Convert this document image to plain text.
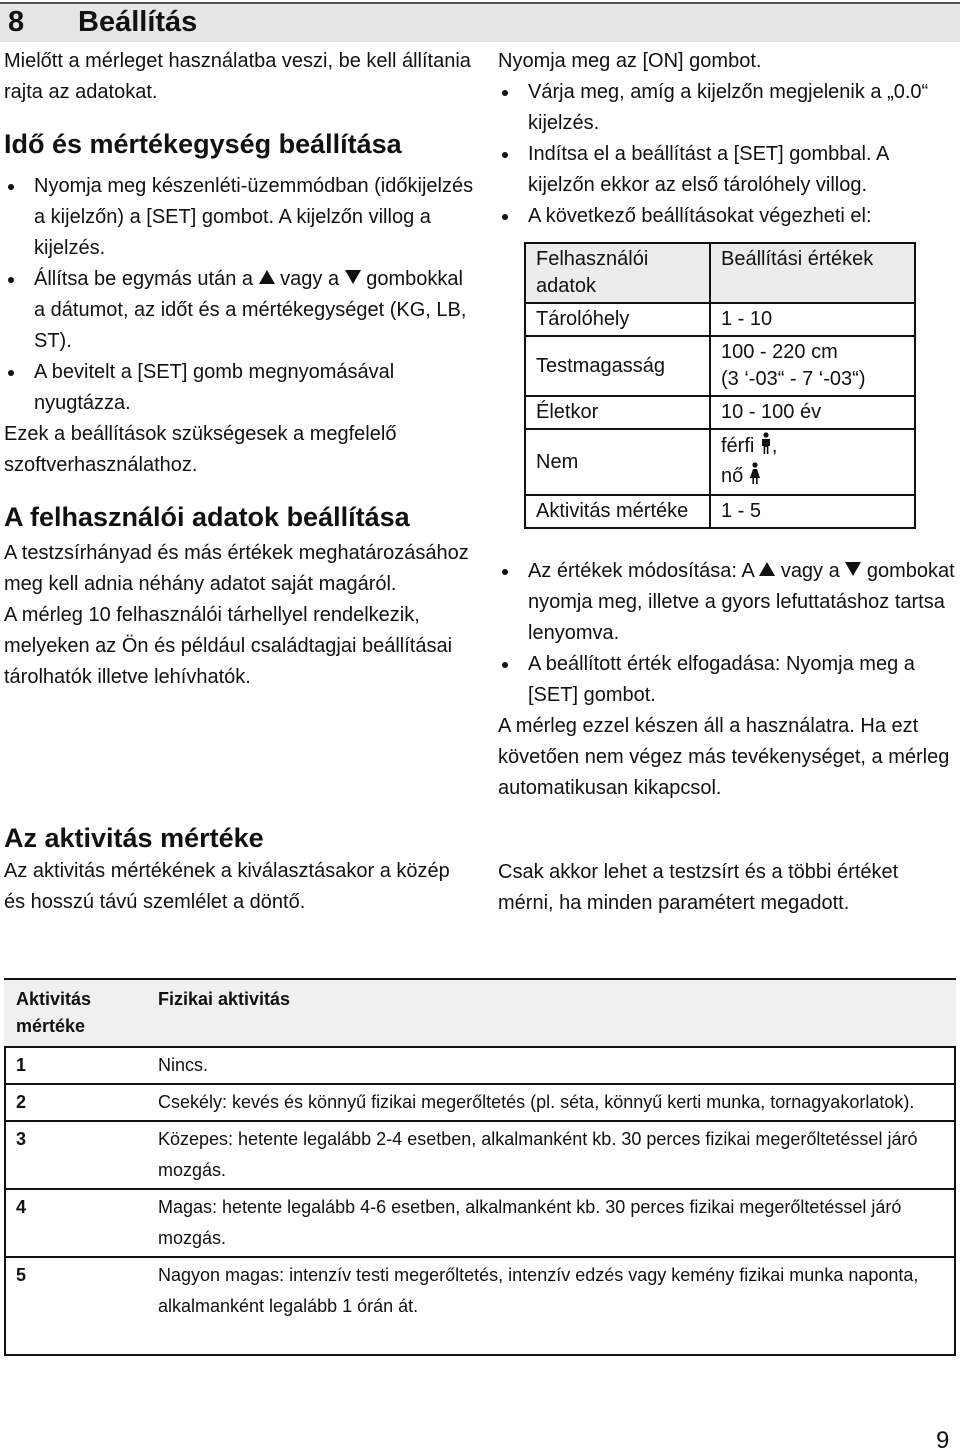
8 Beállítás

Mielőtt a mérleget használatba veszi, be kell állítania rajta az adatokat.

Idő és mértékegység beállítása
Nyomja meg készenléti-üzemmódban (időkijelzés a kijelzőn) a [SET] gombot. A kijelzőn villog a kijelzés.
Állítsa be egymás után a vagy a gombokkal a dátumot, az időt és a mértékegységet (KG, LB, ST).
A bevitelt a [SET] gomb megnyomásával nyugtázza.

Ezek a beállítások szükségesek a megfelelő szoftverhasználathoz.

A felhasználói adatok beállítása

A testzsírhányad és más értékek meghatározásához meg kell adnia néhány adatot saját magáról.

A mérleg 10 felhasználói tárhellyel rendelkezik, melyeken az Ön és például családtagjai beállításai tárolhatók illetve lehívhatók.

Az aktivitás mértéke

Az aktivitás mértékének a kiválasztásakor a közép és hosszú távú szemlélet a döntő.

Nyomja meg az [ON] gombot.

Várja meg, amíg a kijelzőn megjelenik a „0.0“ kijelzés.
Indítsa el a beállítást a [SET] gombbal. A kijelzőn ekkor az első tárolóhely villog.
A következő beállításokat végezheti el:
Felhasználói adatok	Beállítási értékek
Tárolóhely	1 - 10
Testmagasság	100 - 220 cm
(3 ‘-03“ - 7 ‘-03“)

Életkor	10 - 100 év
Nem	férfi ,
nő

Aktivitás mértéke	1 - 5
Az értékek módosítása: A vagy a gombokat nyomja meg, illetve a gyors lefuttatáshoz tartsa lenyomva.
A beállított érték elfogadása: Nyomja meg a [SET] gombot.

A mérleg ezzel készen áll a használatra. Ha ezt követően nem végez más tevékenységet, a mérleg automatikusan kikapcsol.

Csak akkor lehet a testzsírt és a többi értéket mérni, ha minden paramétert megadott.

Aktivitás mértéke	Fizikai aktivitás
1	Nincs.
2	Csekély: kevés és könnyű fizikai megerőltetés (pl. séta, könnyű kerti munka, tornagyakorlatok).
3	Közepes: hetente legalább 2-4 esetben, alkalmanként kb. 30 perces fizikai megerőltetéssel járó mozgás.
4	Magas: hetente legalább 4-6 esetben, alkalmanként kb. 30 perces fizikai megerőltetéssel járó mozgás.
5	Nagyon magas: intenzív testi megerőltetés, intenzív edzés vagy kemény fizikai munka naponta, alkalmanként legalább 1 órán át.
9
